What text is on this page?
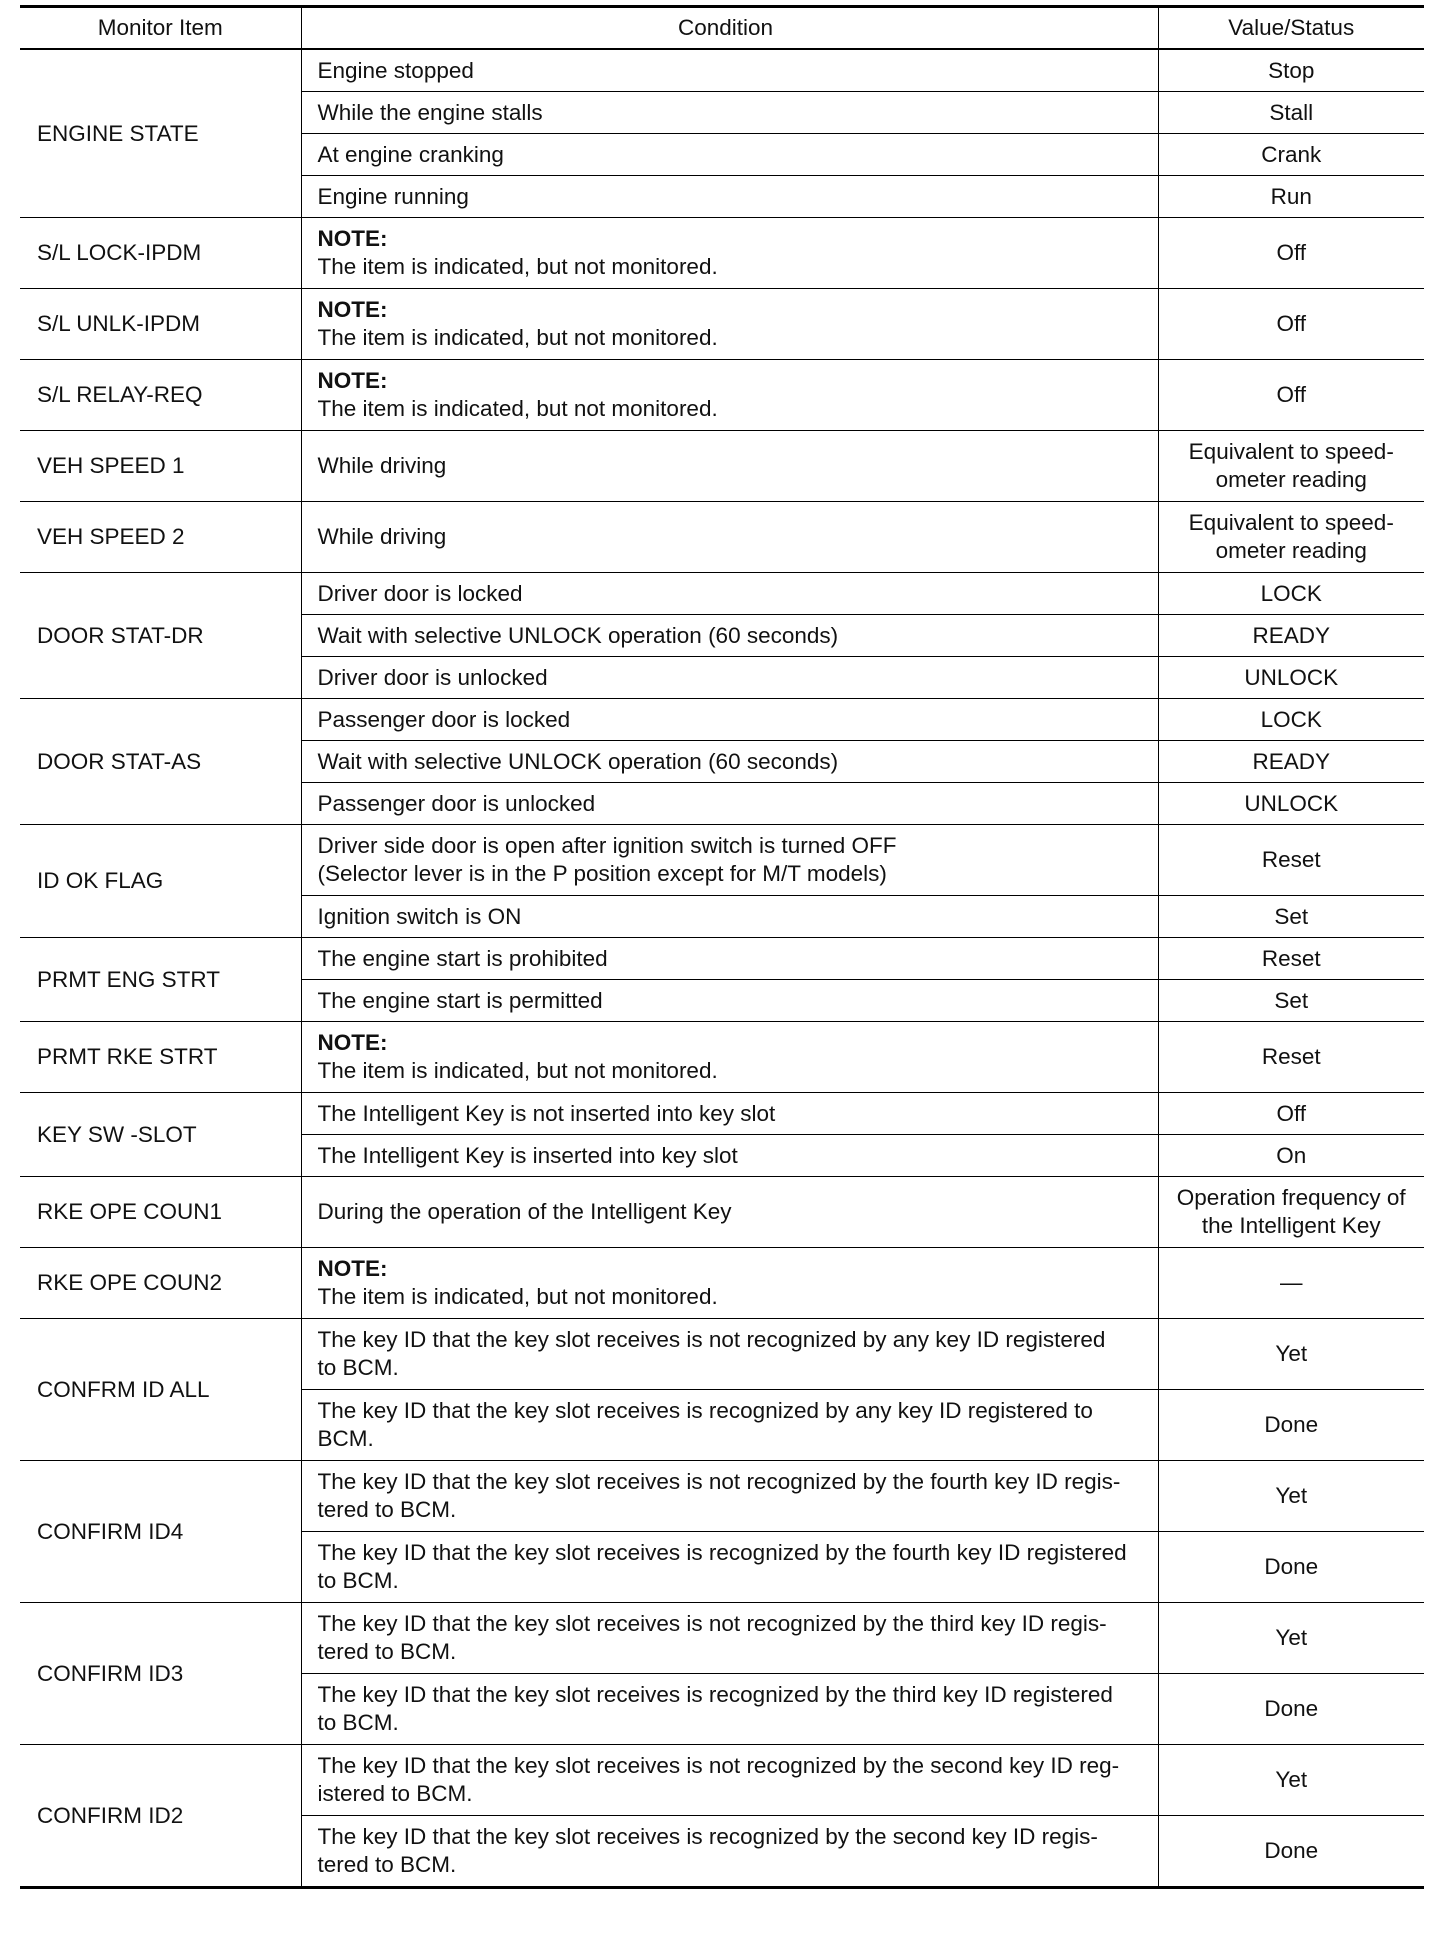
Monitor Item	Condition	Value/Status
ENGINE STATE	Engine stopped	Stop

	While the engine stalls	Stall

	At engine cranking	Crank

	Engine running	Run

S/L LOCK-IPDM	NOTE:
The item is indicated, but not monitored.	Off

S/L UNLK-IPDM	NOTE:
The item is indicated, but not monitored.	Off

S/L RELAY-REQ	NOTE:
The item is indicated, but not monitored.	Off

VEH SPEED 1	While driving	Equivalent to speed-
ometer reading

VEH SPEED 2	While driving	Equivalent to speed-
ometer reading

DOOR STAT-DR	Driver door is locked	LOCK

	Wait with selective UNLOCK operation (60 seconds)	READY

	Driver door is unlocked	UNLOCK

DOOR STAT-AS	Passenger door is locked	LOCK

	Wait with selective UNLOCK operation (60 seconds)	READY

	Passenger door is unlocked	UNLOCK

ID OK FLAG	Driver side door is open after ignition switch is turned OFF
(Selector lever is in the P position except for M/T models)	Reset

	Ignition switch is ON	Set

PRMT ENG STRT	The engine start is prohibited	Reset

	The engine start is permitted	Set

PRMT RKE STRT	NOTE:
The item is indicated, but not monitored.	Reset

KEY SW -SLOT	The Intelligent Key is not inserted into key slot	Off

	The Intelligent Key is inserted into key slot	On

RKE OPE COUN1	During the operation of the Intelligent Key	Operation frequency of
the Intelligent Key

RKE OPE COUN2	NOTE:
The item is indicated, but not monitored.	—

CONFRM ID ALL	The key ID that the key slot receives is not recognized by any key ID registered
to BCM.	Yet

	The key ID that the key slot receives is recognized by any key ID registered to
BCM.	Done

CONFIRM ID4	The key ID that the key slot receives is not recognized by the fourth key ID regis-
tered to BCM.	Yet

	The key ID that the key slot receives is recognized by the fourth key ID registered
to BCM.	Done

CONFIRM ID3	The key ID that the key slot receives is not recognized by the third key ID regis-
tered to BCM.	Yet

	The key ID that the key slot receives is recognized by the third key ID registered
to BCM.	Done

CONFIRM ID2	The key ID that the key slot receives is not recognized by the second key ID reg-
istered to BCM.	Yet

	The key ID that the key slot receives is recognized by the second key ID regis-
tered to BCM.	Done
